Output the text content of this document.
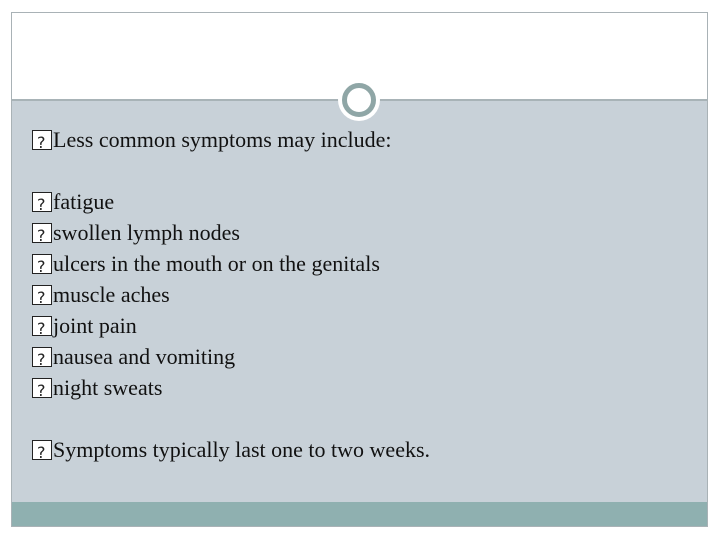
?Less common symptoms may include:
?fatigue
?swollen lymph nodes
?ulcers in the mouth or on the genitals
?muscle aches
?joint pain
?nausea and vomiting
?night sweats
?Symptoms typically last one to two weeks.
